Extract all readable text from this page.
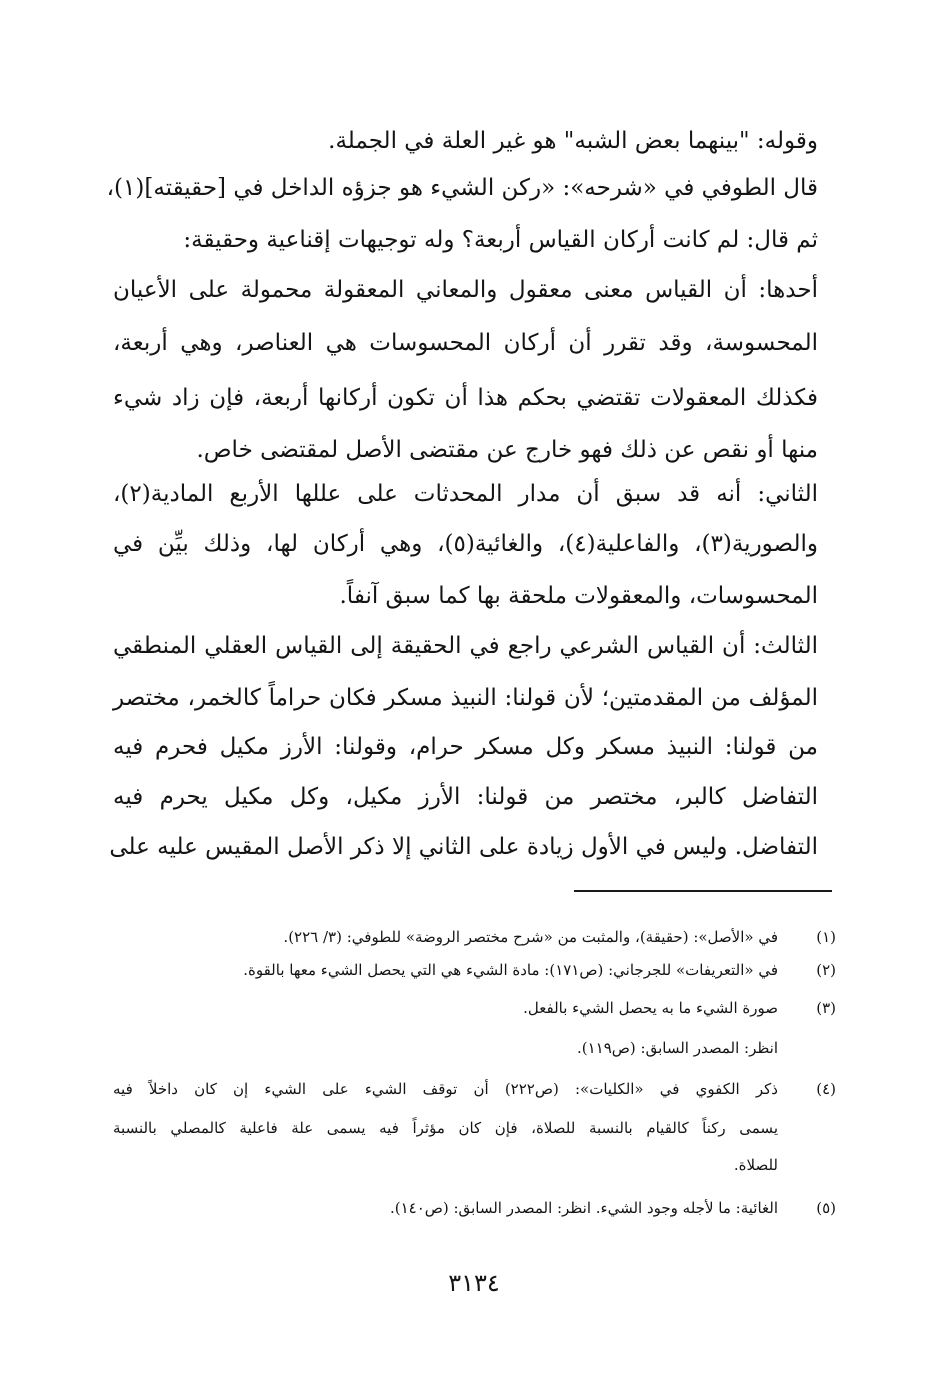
وقوله: "بينهما بعض الشبه" هو غير العلة في الجملة.
قال الطوفي في «شرحه»: «ركن الشيء هو جزؤه الداخل في [حقيقته](١)،
ثم قال: لم كانت أركان القياس أربعة؟ وله توجيهات إقناعية وحقيقة:
أحدها: أن القياس معنى معقول والمعاني المعقولة محمولة على الأعيان
المحسوسة، وقد تقرر أن أركان المحسوسات هي العناصر، وهي أربعة،
فكذلك المعقولات تقتضي بحكم هذا أن تكون أركانها أربعة، فإن زاد شيء
منها أو نقص عن ذلك فهو خارج عن مقتضى الأصل لمقتضى خاص.
الثاني: أنه قد سبق أن مدار المحدثات على عللها الأربع المادية(٢)،
والصورية(٣)، والفاعلية(٤)، والغائية(٥)، وهي أركان لها، وذلك بيِّن في
المحسوسات، والمعقولات ملحقة بها كما سبق آنفاً.
الثالث: أن القياس الشرعي راجع في الحقيقة إلى القياس العقلي المنطقي
المؤلف من المقدمتين؛ لأن قولنا: النبيذ مسكر فكان حراماً كالخمر، مختصر
من قولنا: النبيذ مسكر وكل مسكر حرام، وقولنا: الأرز مكيل فحرم فيه
التفاضل كالبر، مختصر من قولنا: الأرز مكيل، وكل مكيل يحرم فيه
التفاضل. وليس في الأول زيادة على الثاني إلا ذكر الأصل المقيس عليه على
(١)
في «الأصل»: (حقيقة)، والمثبت من «شرح مختصر الروضة» للطوفي: (٣/ ٢٢٦).
(٢)
في «التعريفات» للجرجاني: (ص١٧١): مادة الشيء هي التي يحصل الشيء معها بالقوة.
(٣)
صورة الشيء ما به يحصل الشيء بالفعل.
انظر: المصدر السابق: (ص١١٩).
(٤)
ذكر الكفوي في «الكليات»: (ص٢٢٢) أن توقف الشيء على الشيء إن كان داخلاً فيه
يسمى ركناً كالقيام بالنسبة للصلاة، فإن كان مؤثراً فيه يسمى علة فاعلية كالمصلي بالنسبة
للصلاة.
(٥)
الغائية: ما لأجله وجود الشيء. انظر: المصدر السابق: (ص١٤٠).
٣١٣٤
